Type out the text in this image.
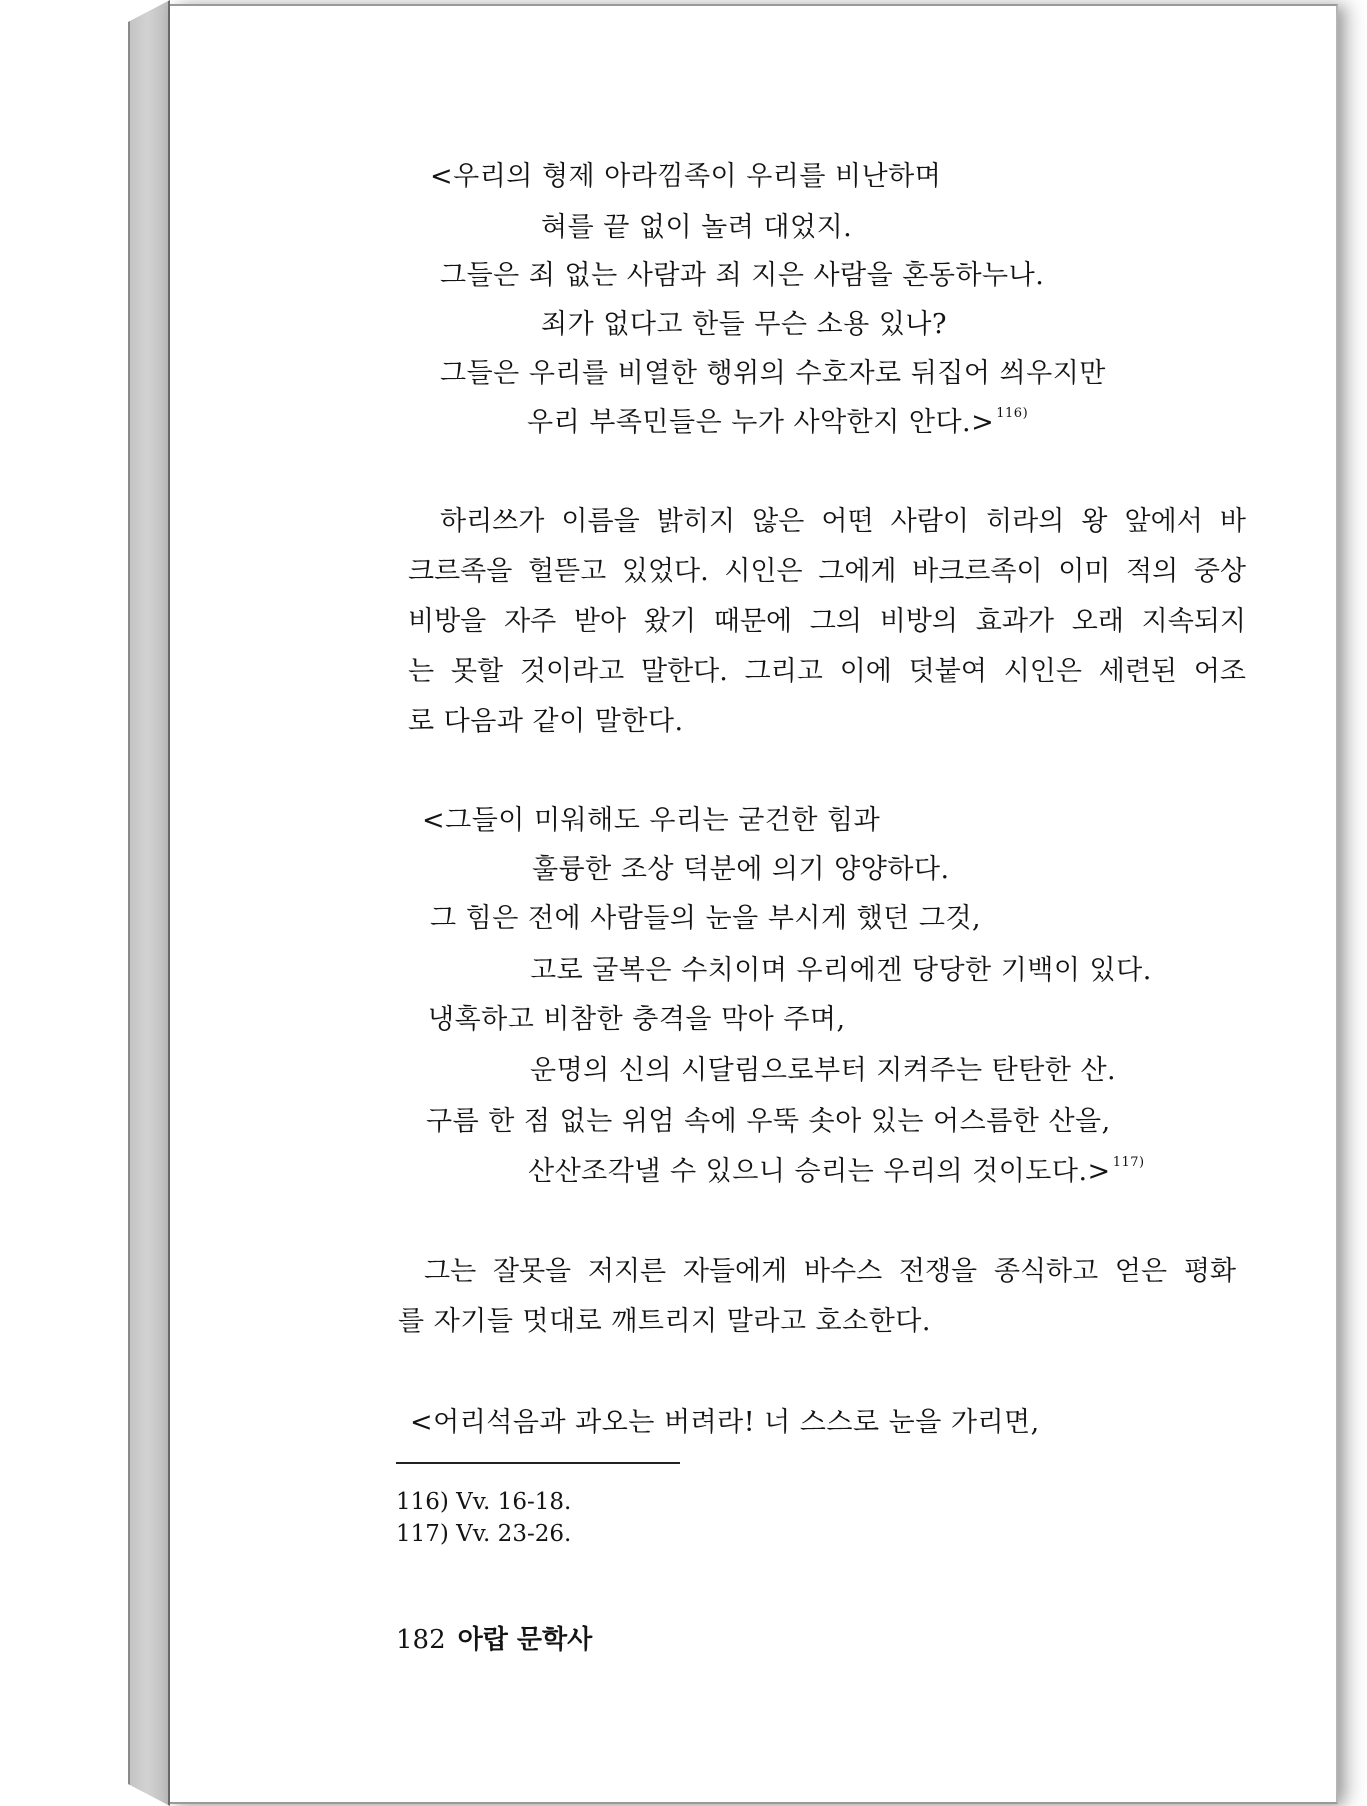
<우리의 형제 아라낌족이 우리를 비난하며
혀를 끝 없이 놀려 대었지.
그들은 죄 없는 사람과 죄 지은 사람을 혼동하누나.
죄가 없다고 한들 무슨 소용 있나?
그들은 우리를 비열한 행위의 수호자로 뒤집어 씌우지만
우리 부족민들은 누가 사악한지 안다.> $^{116)}$
하리쓰가 이름을 밝히지 않은 어떤 사람이 히라의 왕 앞에서 바
크르족을 헐뜯고 있었다. 시인은 그에게 바크르족이 이미 적의 중상
비방을 자주 받아 왔기 때문에 그의 비방의 효과가 오래 지속되지
는 못할 것이라고 말한다. 그리고 이에 덧붙여 시인은 세련된 어조
로 다음과 같이 말한다.
<그들이 미워해도 우리는 굳건한 힘과
훌륭한 조상 덕분에 의기 양양하다.
그 힘은 전에 사람들의 눈을 부시게 했던 그것,
고로 굴복은 수치이며 우리에겐 당당한 기백이 있다.
냉혹하고 비참한 충격을 막아 주며,
운명의 신의 시달림으로부터 지켜주는 탄탄한 산.
구름 한 점 없는 위엄 속에 우뚝 솟아 있는 어스름한 산을,
산산조각낼 수 있으니 승리는 우리의 것이도다.> $^{117)}$
그는 잘못을 저지른 자들에게 바수스 전쟁을 종식하고 얻은 평화
를 자기들 멋대로 깨트리지 말라고 호소한다.
<어리석음과 과오는 버려라! 너 스스로 눈을 가리면,
116) Vv. 16-18.
117) Vv. 23-26.
182 아랍 문학사
